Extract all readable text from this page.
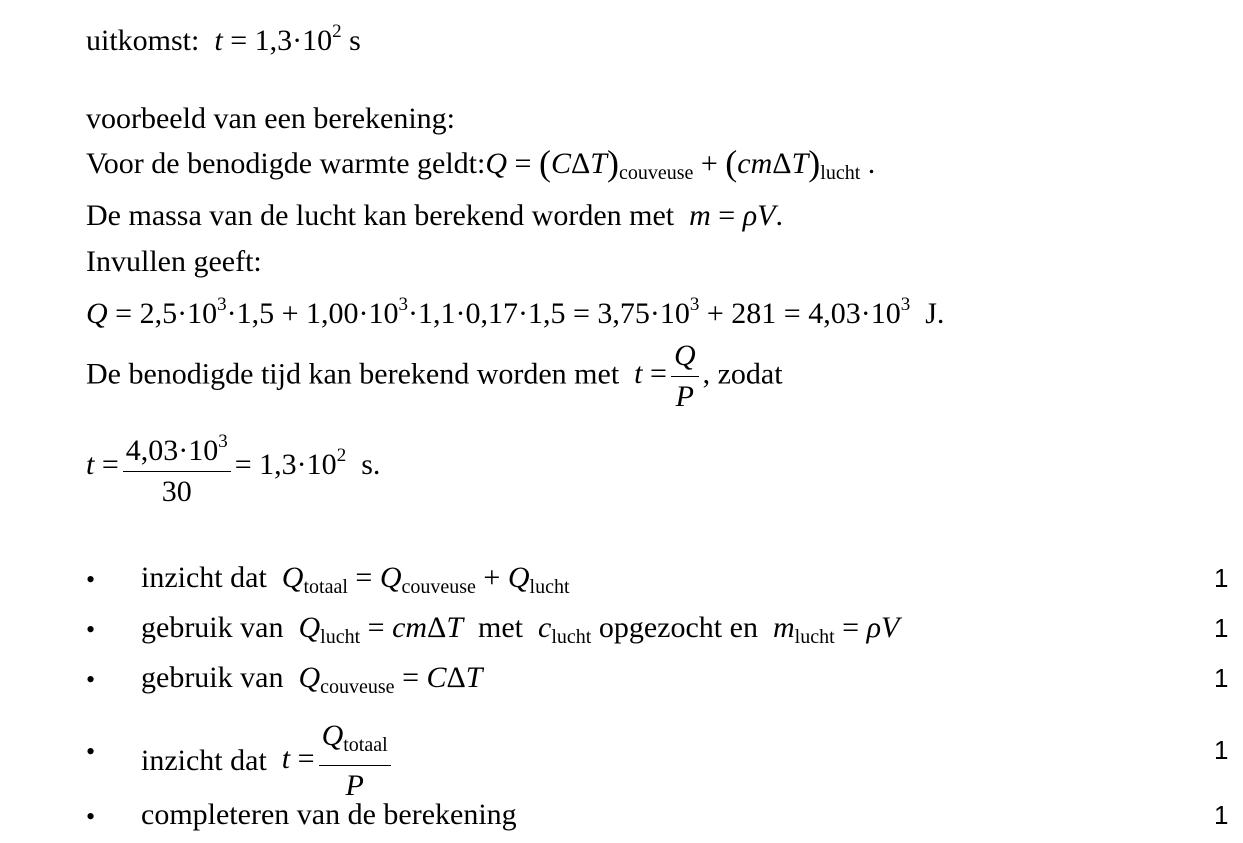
uitkomst: $t = 1,3\cdot 10^2$ s
voorbeeld van een berekening:
Voor de benodigde warmte geldt:Q = $(C\Delta T)_{couveuse} + (cm\Delta T)_{lucht}$ .
De massa van de lucht kan berekend worden met m = ρV.
Invullen geeft:
$Q = 2,5\cdot 10^3\cdot 1,5 + 1,00\cdot 10^3\cdot 1,1\cdot 0,17\cdot 1,5 = 3,75\cdot 10^3 + 281 = 4,03\cdot 10^3$  J.
De benodigde tijd kan berekend worden met $t = \frac{Q}{P}$ , zodat
$t = \frac{4,03\cdot 10^3}{30} = 1,3\cdot 10^2$  s.
• inzicht dat $Q_{totaal} = Q_{couveuse} + Q_{lucht}$	1
• gebruik van $Q_{lucht} = cm\Delta T$  met  $c_{lucht}$ opgezocht en  $m_{lucht} = \rho V$	1
• gebruik van $Q_{couveuse} = C\Delta T$	1
• inzicht dat $t = \frac{Q_{totaal}}{P}$	1
• completeren van de berekening	1
